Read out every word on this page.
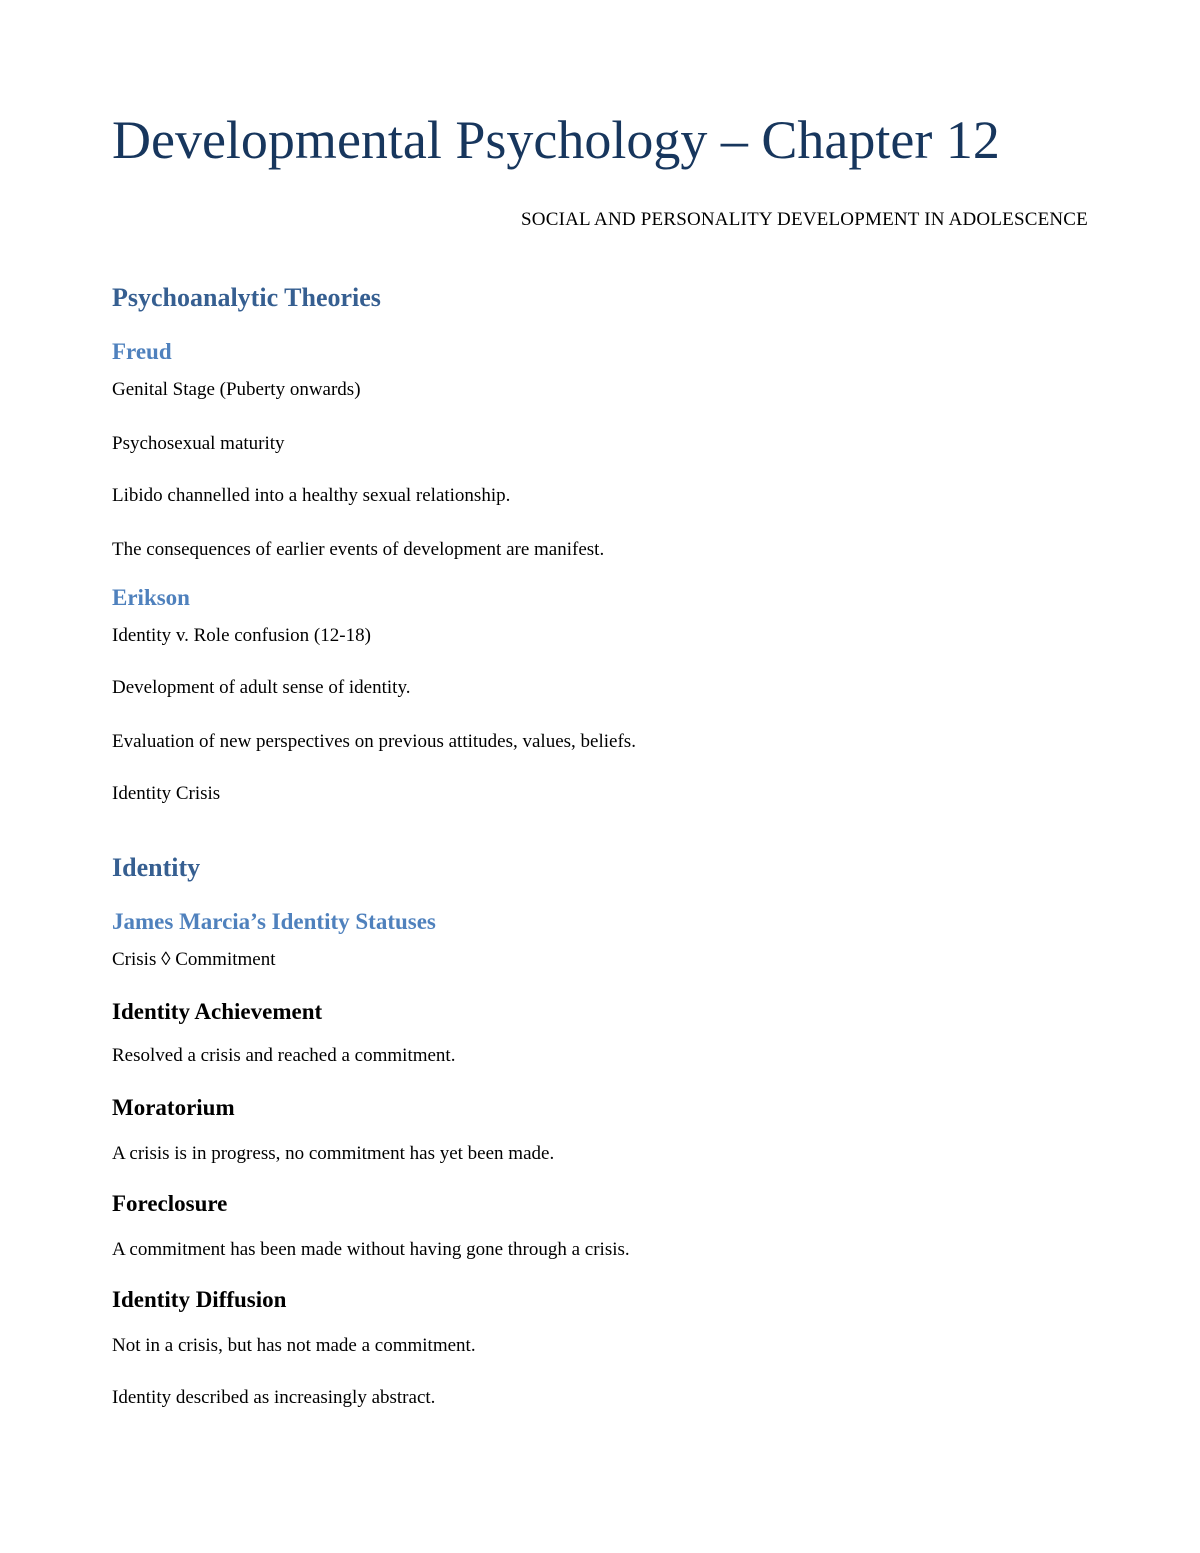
Developmental Psychology – Chapter 12
SOCIAL AND PERSONALITY DEVELOPMENT IN ADOLESCENCE
Psychoanalytic Theories
Freud

Genital Stage (Puberty onwards)

Psychosexual maturity

Libido channelled into a healthy sexual relationship.

The consequences of earlier events of development are manifest.

Erikson

Identity v. Role confusion (12-18)

Development of adult sense of identity.

Evaluation of new perspectives on previous attitudes, values, beliefs.

Identity Crisis

Identity
James Marcia’s Identity Statuses

Crisis ◊ Commitment

Identity Achievement

Resolved a crisis and reached a commitment.

Moratorium

A crisis is in progress, no commitment has yet been made.

Foreclosure

A commitment has been made without having gone through a crisis.

Identity Diffusion

Not in a crisis, but has not made a commitment.

Identity described as increasingly abstract.
